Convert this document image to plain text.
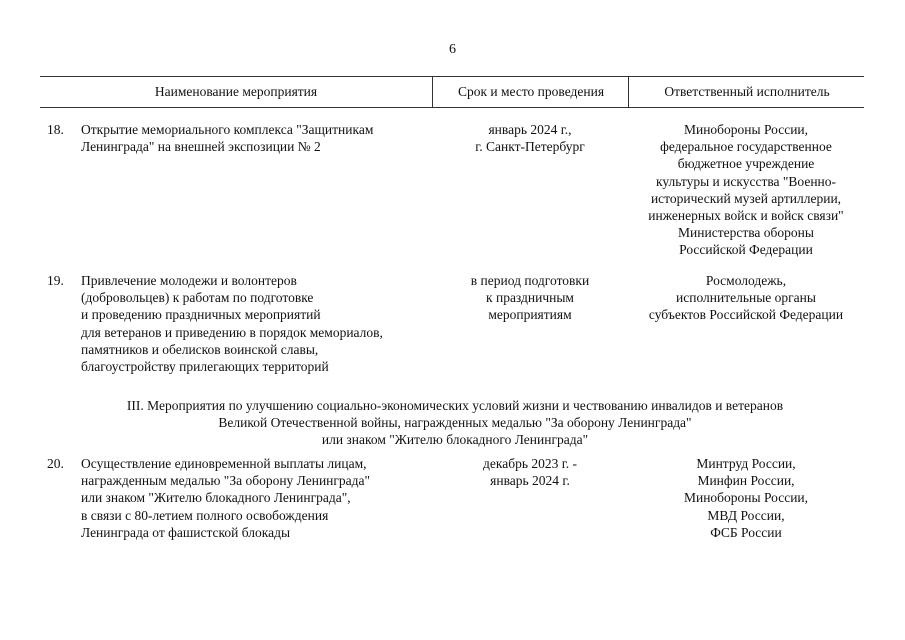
6
Наименование мероприятия	Срок и место проведения	Ответственный исполнитель
18. Открытие мемориального комплекса "Защитникам
Ленинграда" на внешней экспозиции № 2
январь 2024 г.,
г. Санкт-Петербург
Минобороны России,
федеральное государственное
бюджетное учреждение
культуры и искусства "Военно-
исторический музей артиллерии,
инженерных войск и войск связи"
Министерства обороны
Российской Федерации
19. Привлечение молодежи и волонтеров
(добровольцев) к работам по подготовке
и проведению праздничных мероприятий
для ветеранов и приведению в порядок мемориалов,
памятников и обелисков воинской славы,
благоустройству прилегающих территорий
в период подготовки
к праздничным
мероприятиям
Росмолодежь,
исполнительные органы
субъектов Российской Федерации
III. Мероприятия по улучшению социально-экономических условий жизни и чествованию инвалидов и ветеранов
Великой Отечественной войны, награжденных медалью "За оборону Ленинграда"
или знаком "Жителю блокадного Ленинграда"
20. Осуществление единовременной выплаты лицам,
награжденным медалью "За оборону Ленинграда"
или знаком "Жителю блокадного Ленинграда",
в связи с 80-летием полного освобождения
Ленинграда от фашистской блокады
декабрь 2023 г. -
январь 2024 г.
Минтруд России,
Минфин России,
Минобороны России,
МВД России,
ФСБ России
